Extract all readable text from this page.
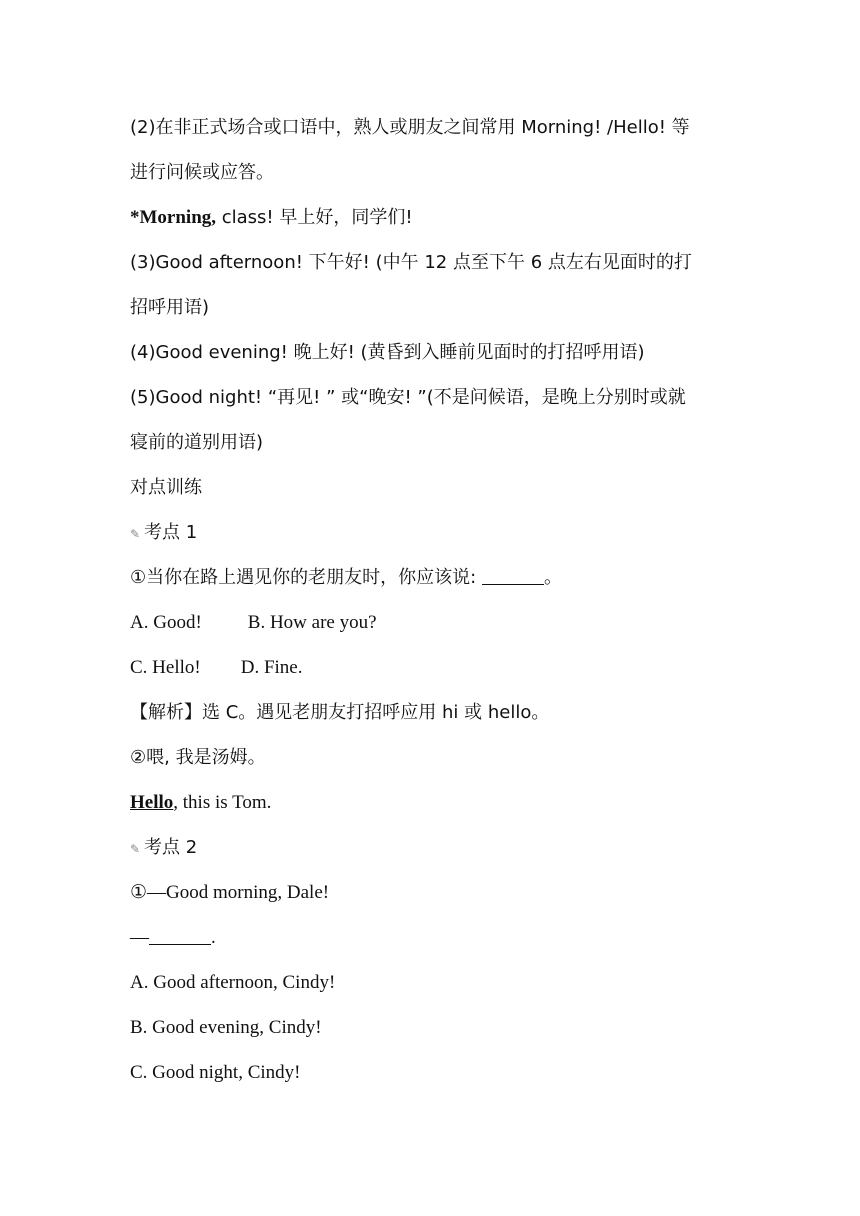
(2)在非正式场合或口语中，熟人或朋友之间常用 Morning! /Hello! 等
进行问候或应答。
*Morning, class! 早上好，同学们!
(3)Good afternoon! 下午好! (中午 12 点至下午 6 点左右见面时的打
招呼用语)
(4)Good evening! 晚上好! (黄昏到入睡前见面时的打招呼用语)
(5)Good night! “再见! ” 或“晚安! ”(不是问候语，是晚上分别时或就
寝前的道别用语)
对点训练
✎ 考点 1
①当你在路上遇见你的老朋友时，你应该说:	。
A. Good! B. How are you?
C. Hello! D. Fine.
【解析】选 C。遇见老朋友打招呼应用 hi 或 hello。
②喂, 我是汤姆。
Hello, this is Tom.
✎ 考点 2
①—Good morning, Dale!
—	.
A. Good afternoon, Cindy!
B. Good evening, Cindy!
C. Good night, Cindy!
